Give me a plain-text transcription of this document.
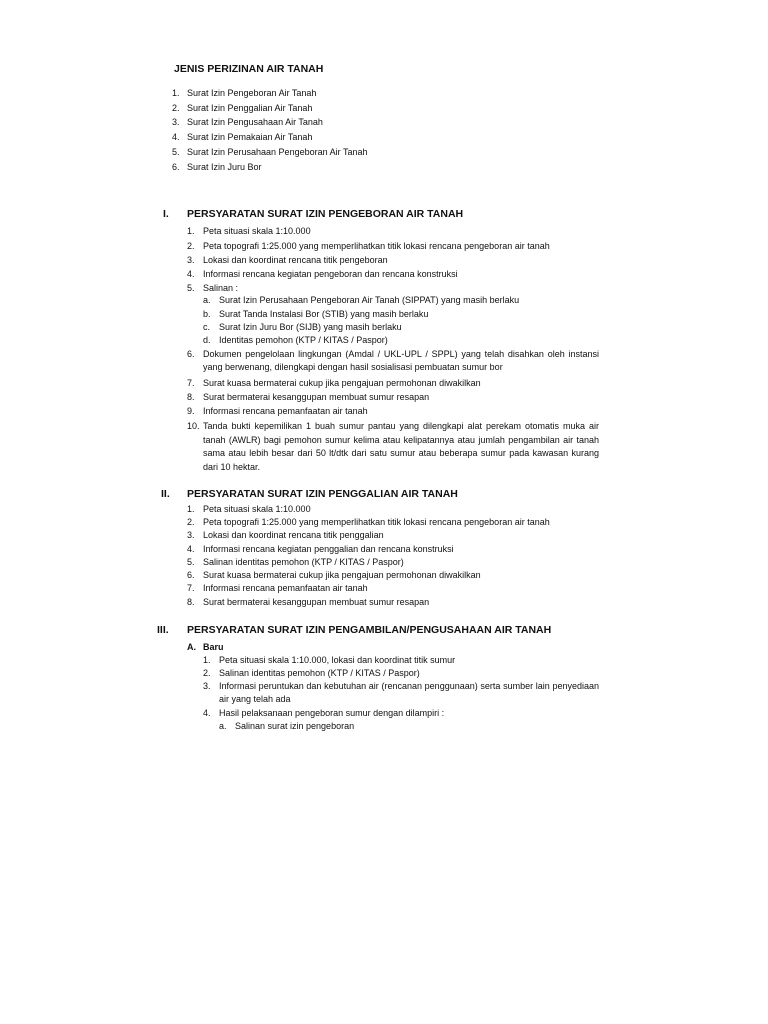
JENIS PERIZINAN AIR TANAH
1. Surat Izin Pengeboran Air Tanah
2. Surat Izin Penggalian Air Tanah
3. Surat Izin Pengusahaan Air Tanah
4. Surat Izin Pemakaian Air Tanah
5. Surat Izin Perusahaan Pengeboran Air Tanah
6. Surat Izin Juru Bor
I. PERSYARATAN SURAT IZIN PENGEBORAN AIR TANAH
1. Peta situasi skala 1:10.000
2. Peta topografi 1:25.000 yang memperlihatkan titik lokasi rencana pengeboran air tanah
3. Lokasi dan koordinat rencana titik pengeboran
4. Informasi rencana kegiatan pengeboran dan rencana konstruksi
5. Salinan :
a. Surat Izin Perusahaan Pengeboran Air Tanah (SIPPAT) yang masih berlaku
b. Surat Tanda Instalasi Bor (STIB) yang masih berlaku
c. Surat Izin Juru Bor (SIJB) yang masih berlaku
d. Identitas pemohon (KTP / KITAS / Paspor)
6. Dokumen pengelolaan lingkungan (Amdal / UKL-UPL / SPPL) yang telah disahkan oleh instansi yang berwenang, dilengkapi dengan hasil sosialisasi pembuatan sumur bor
7. Surat kuasa bermaterai cukup jika pengajuan permohonan diwakilkan
8. Surat bermaterai kesanggupan membuat sumur resapan
9. Informasi rencana pemanfaatan air tanah
10. Tanda bukti kepemilikan 1 buah sumur pantau yang dilengkapi alat perekam otomatis muka air tanah (AWLR) bagi pemohon sumur kelima atau kelipatannya atau jumlah pengambilan air tanah sama atau lebih besar dari 50 lt/dtk dari satu sumur atau beberapa sumur pada kawasan kurang dari 10 hektar.
II. PERSYARATAN SURAT IZIN PENGGALIAN AIR TANAH
1. Peta situasi skala 1:10.000
2. Peta topografi 1:25.000 yang memperlihatkan titik lokasi rencana pengeboran air tanah
3. Lokasi dan koordinat rencana titik penggalian
4. Informasi rencana kegiatan penggalian dan rencana konstruksi
5. Salinan identitas pemohon (KTP / KITAS / Paspor)
6. Surat kuasa bermaterai cukup jika pengajuan permohonan diwakilkan
7. Informasi rencana pemanfaatan air tanah
8. Surat bermaterai kesanggupan membuat sumur resapan
III. PERSYARATAN SURAT IZIN PENGAMBILAN/PENGUSAHAAN AIR TANAH
A. Baru
1. Peta situasi skala 1:10.000, lokasi dan koordinat titik sumur
2. Salinan identitas pemohon (KTP / KITAS / Paspor)
3. Informasi peruntukan dan kebutuhan air (rencanan penggunaan) serta sumber lain penyediaan air yang telah ada
4. Hasil pelaksanaan pengeboran sumur dengan dilampiri :
a. Salinan surat izin pengeboran
